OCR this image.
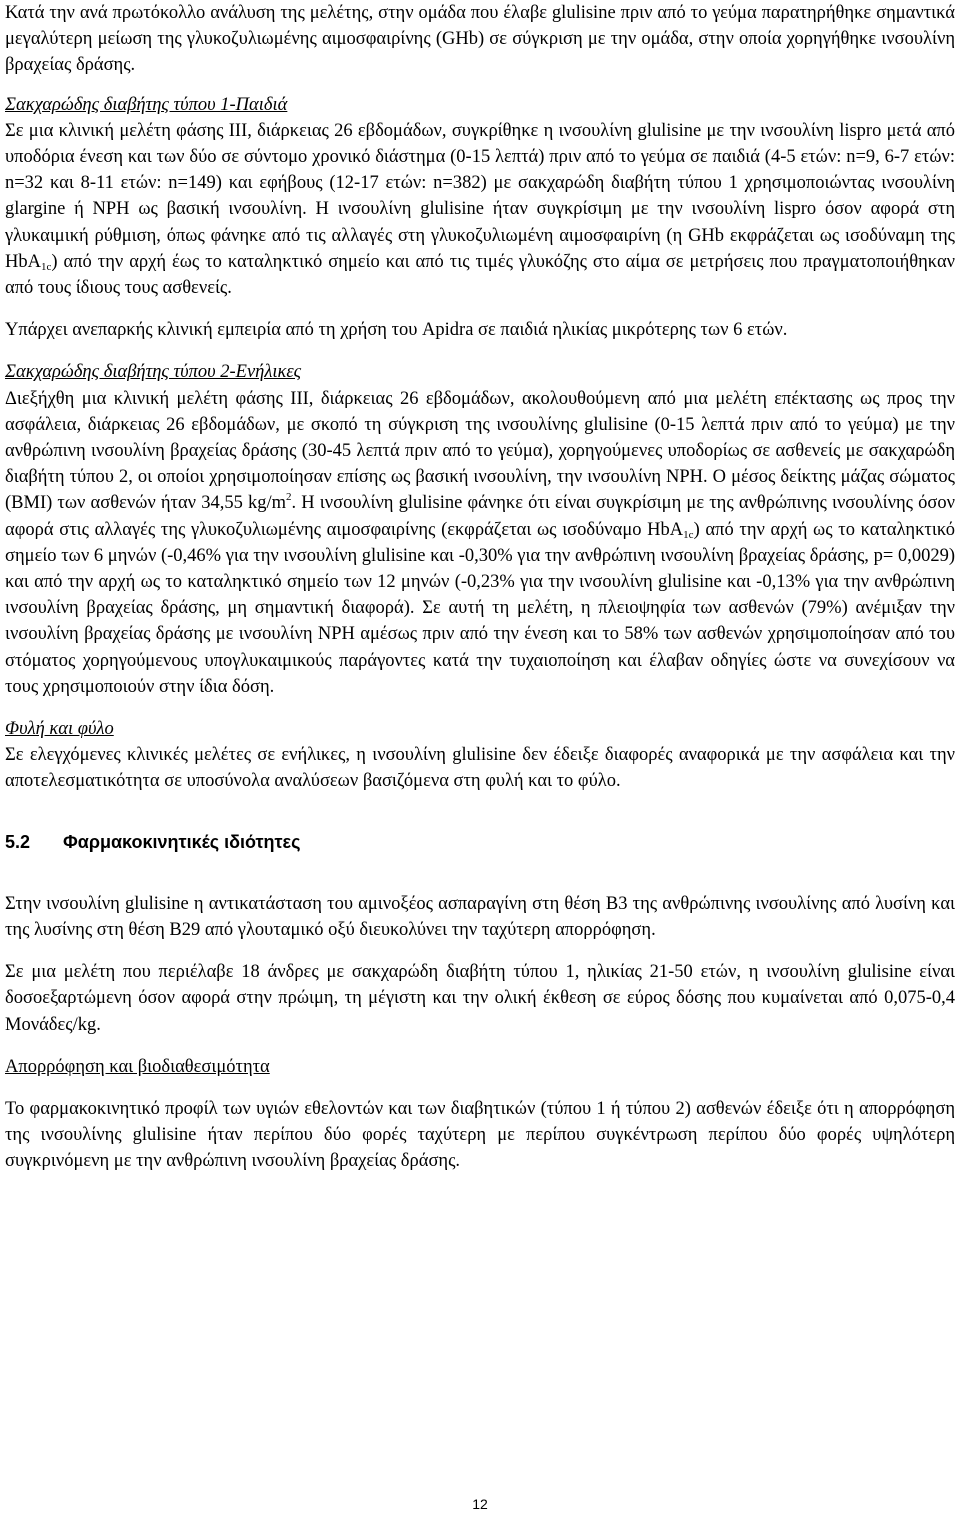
Κατά την ανά πρωτόκολλο ανάλυση της μελέτης, στην ομάδα που έλαβε glulisine πριν από το γεύμα παρατηρήθηκε σημαντικά μεγαλύτερη μείωση της γλυκοζυλιωμένης αιμοσφαιρίνης (GHb) σε σύγκριση με την ομάδα, στην οποία χορηγήθηκε ινσουλίνη βραχείας δράσης.

Σακχαρώδης διαβήτης τύπου 1-Παιδιά

Σε μια κλινική μελέτη φάσης III, διάρκειας 26 εβδομάδων, συγκρίθηκε η ινσουλίνη glulisine με την ινσουλίνη lispro μετά από υποδόρια ένεση και των δύο σε σύντομο χρονικό διάστημα (0-15 λεπτά) πριν από το γεύμα σε παιδιά (4-5 ετών: n=9, 6-7 ετών: n=32 και 8-11 ετών: n=149) και εφήβους (12-17 ετών: n=382) με σακχαρώδη διαβήτη τύπου 1 χρησιμοποιώντας ινσουλίνη glargine ή NPH ως βασική ινσουλίνη. Η ινσουλίνη glulisine ήταν συγκρίσιμη με την ινσουλίνη lispro όσον αφορά στη γλυκαιμική ρύθμιση, όπως φάνηκε από τις αλλαγές στη γλυκοζυλιωμένη αιμοσφαιρίνη (η GHb εκφράζεται ως ισοδύναμη της HbA$_{1c}$) από την αρχή έως το καταληκτικό σημείο και από τις τιμές γλυκόζης στο αίμα σε μετρήσεις που πραγματοποιήθηκαν από τους ίδιους τους ασθενείς.

Υπάρχει ανεπαρκής κλινική εμπειρία από τη χρήση του Apidra σε παιδιά ηλικίας μικρότερης των 6 ετών.

Σακχαρώδης διαβήτης τύπου 2-Ενήλικες

Διεξήχθη μια κλινική μελέτη φάσης III, διάρκειας 26 εβδομάδων, ακολουθούμενη από μια μελέτη επέκτασης ως προς την ασφάλεια, διάρκειας 26 εβδομάδων, με σκοπό τη σύγκριση της ινσουλίνης glulisine (0-15 λεπτά πριν από το γεύμα) με την ανθρώπινη ινσουλίνη βραχείας δράσης (30-45 λεπτά πριν από το γεύμα), χορηγούμενες υποδορίως σε ασθενείς με σακχαρώδη διαβήτη τύπου 2, οι οποίοι χρησιμοποίησαν επίσης ως βασική ινσουλίνη, την ινσουλίνη NPH. Ο μέσος δείκτης μάζας σώματος (BMI) των ασθενών ήταν 34,55 $kg/m^2$. Η ινσουλίνη glulisine φάνηκε ότι είναι συγκρίσιμη με της ανθρώπινης ινσουλίνης όσον αφορά στις αλλαγές της γλυκοζυλιωμένης αιμοσφαιρίνης (εκφράζεται ως ισοδύναμο HbA$_{1c}$) από την αρχή ως το καταληκτικό σημείο των 6 μηνών (-0,46% για την ινσουλίνη glulisine και -0,30% για την ανθρώπινη ινσουλίνη βραχείας δράσης, p= 0,0029) και από την αρχή ως το καταληκτικό σημείο των 12 μηνών (-0,23% για την ινσουλίνη glulisine και -0,13% για την ανθρώπινη ινσουλίνη βραχείας δράσης, μη σημαντική διαφορά). Σε αυτή τη μελέτη, η πλειοψηφία των ασθενών (79%) ανέμιξαν την ινσουλίνη βραχείας δράσης με ινσουλίνη NPH αμέσως πριν από την ένεση και το 58% των ασθενών χρησιμοποίησαν από του στόματος χορηγούμενους υπογλυκαιμικούς παράγοντες κατά την τυχαιοποίηση και έλαβαν οδηγίες ώστε να συνεχίσουν να τους χρησιμοποιούν στην ίδια δόση.

Φυλή και φύλο

Σε ελεγχόμενες κλινικές μελέτες σε ενήλικες, η ινσουλίνη glulisine δεν έδειξε διαφορές αναφορικά με την ασφάλεια και την αποτελεσματικότητα σε υποσύνολα αναλύσεων βασιζόμενα στη φυλή και το φύλο.

5.2 Φαρμακοκινητικές ιδιότητες

Στην ινσουλίνη glulisine η αντικατάσταση του αμινοξέος ασπαραγίνη στη θέση B3 της ανθρώπινης ινσουλίνης από λυσίνη και της λυσίνης στη θέση B29 από γλουταμικό οξύ διευκολύνει την ταχύτερη απορρόφηση.

Σε μια μελέτη που περιέλαβε 18 άνδρες με σακχαρώδη διαβήτη τύπου 1, ηλικίας 21-50 ετών, η ινσουλίνη glulisine είναι δοσοεξαρτώμενη όσον αφορά στην πρώιμη, τη μέγιστη και την ολική έκθεση σε εύρος δόσης που κυμαίνεται από 0,075-0,4 Μονάδες/kg.

Απορρόφηση και βιοδιαθεσιμότητα

Το φαρμακοκινητικό προφίλ των υγιών εθελοντών και των διαβητικών (τύπου 1 ή τύπου 2) ασθενών έδειξε ότι η απορρόφηση της ινσουλίνης glulisine ήταν περίπου δύο φορές ταχύτερη με περίπου συγκέντρωση περίπου δύο φορές υψηλότερη συγκρινόμενη με την ανθρώπινη ινσουλίνη βραχείας δράσης.

12
